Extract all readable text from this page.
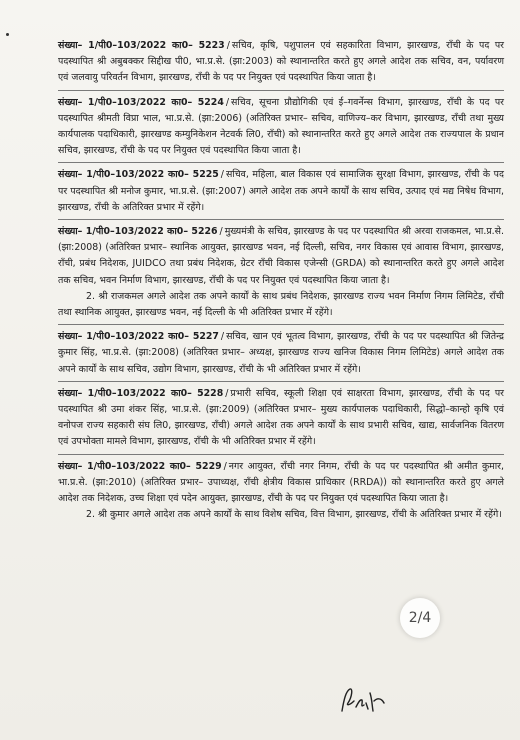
संख्या– 1/पी0–103/2022 का0– 5223 / सचिव, कृषि, पशुपालन एवं सहकारिता विभाग, झारखण्ड, राँची के पद पर पदस्थापित श्री अबुबक्कर सिद्दीख पी0, भा.प्र.से. (झा:2003) को स्थानान्तरित करते हुए अगले आदेश तक सचिव, वन, पर्यावरण एवं जलवायु परिवर्तन विभाग, झारखण्ड, राँची के पद पर नियुक्त एवं पदस्थापित किया जाता है।

संख्या– 1/पी0–103/2022 का0– 5224 / सचिव, सूचना प्रौद्योगिकी एवं ई–गवर्नेन्स विभाग, झारखण्ड, राँची के पद पर पदस्थापित श्रीमती विप्रा भाल, भा.प्र.से. (झा:2006) (अतिरिक्त प्रभार– सचिव, वाणिज्य–कर विभाग, झारखण्ड, राँची तथा मुख्य कार्यपालक पदाधिकारी, झारखण्ड कम्युनिकेशन नेटवर्क लि0, राँची) को स्थानान्तरित करते हुए अगले आदेश तक राज्यपाल के प्रधान सचिव, झारखण्ड, राँची के पद पर नियुक्त एवं पदस्थापित किया जाता है।

संख्या– 1/पी0–103/2022 का0– 5225 / सचिव, महिला, बाल विकास एवं सामाजिक सुरक्षा विभाग, झारखण्ड, राँची के पद पर पदस्थापित श्री मनोज कुमार, भा.प्र.से. (झा:2007) अगले आदेश तक अपने कार्यों के साथ सचिव, उत्पाद एवं मद्य निषेध विभाग, झारखण्ड, राँची के अतिरिक्त प्रभार में रहेंगे।

संख्या– 1/पी0–103/2022 का0– 5226 / मुख्यमंत्री के सचिव, झारखण्ड के पद पर पदस्थापित श्री अरवा राजकमल, भा.प्र.से. (झा:2008) (अतिरिक्त प्रभार– स्थानिक आयुक्त, झारखण्ड भवन, नई दिल्ली, सचिव, नगर विकास एवं आवास विभाग, झारखण्ड, राँची, प्रबंध निदेशक, JUIDCO तथा प्रबंध निदेशक, ग्रेटर राँची विकास एजेन्सी (GRDA) को स्थानान्तरित करते हुए अगले आदेश तक सचिव, भवन निर्माण विभाग, झारखण्ड, राँची के पद पर नियुक्त एवं पदस्थापित किया जाता है।

2. श्री राजकमल अगले आदेश तक अपने कार्यों के साथ प्रबंध निदेशक, झारखण्ड राज्य भवन निर्माण निगम लिमिटेड, राँची तथा स्थानिक आयुक्त, झारखण्ड भवन, नई दिल्ली के भी अतिरिक्त प्रभार में रहेंगे।

संख्या– 1/पी0–103/2022 का0– 5227 / सचिव, खान एवं भूतत्व विभाग, झारखण्ड, राँची के पद पर पदस्थापित श्री जितेन्द्र कुमार सिंह, भा.प्र.से. (झा:2008) (अतिरिक्त प्रभार– अध्यक्ष, झारखण्ड राज्य खनिज विकास निगम लिमिटेड) अगले आदेश तक अपने कार्यों के साथ सचिव, उद्योग विभाग, झारखण्ड, राँची के भी अतिरिक्त प्रभार में रहेंगे।

संख्या– 1/पी0–103/2022 का0– 5228 / प्रभारी सचिव, स्कूली शिक्षा एवं साक्षरता विभाग, झारखण्ड, राँची के पद पर पदस्थापित श्री उमा शंकर सिंह, भा.प्र.से. (झा:2009) (अतिरिक्त प्रभार– मुख्य कार्यपालक पदाधिकारी, सिद्धो–कान्हो कृषि एवं वनोपज राज्य सहकारी संघ लि0, झारखण्ड, राँची) अगले आदेश तक अपने कार्यों के साथ प्रभारी सचिव, खाद्य, सार्वजनिक वितरण एवं उपभोक्ता मामले विभाग, झारखण्ड, राँची के भी अतिरिक्त प्रभार में रहेंगे।

संख्या– 1/पी0–103/2022 का0– 5229 / नगर आयुक्त, राँची नगर निगम, राँची के पद पर पदस्थापित श्री अमीत कुमार, भा.प्र.से. (झा:2010) (अतिरिक्त प्रभार– उपाध्यक्ष, राँची क्षेत्रीय विकास प्राधिकार (RRDA)) को स्थानान्तरित करते हुए अगले आदेश तक निदेशक, उच्च शिक्षा एवं पदेन आयुक्त, झारखण्ड, राँची के पद पर नियुक्त एवं पदस्थापित किया जाता है।

2. श्री कुमार अगले आदेश तक अपने कार्यों के साथ विशेष सचिव, वित्त विभाग, झारखण्ड, राँची के अतिरिक्त प्रभार में रहेंगे।

2/4
